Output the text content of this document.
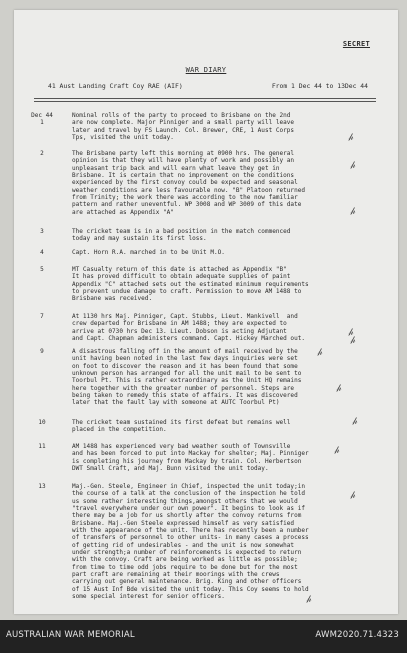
SECRET
WAR DIARY
41 Aust Landing Craft Coy RAE (AIF)	From 1 Dec 44 to 13Dec 44
Dec 44
1
Nominal rolls of the party to proceed to Brisbane on the 2nd
are now complete. Major Pinniger and a small party will leave
later and travel by FS Launch. Col. Brewer, CRE, 1 Aust Corps
Tps, visited the unit today.
2	The Brisbane party left this morning at 0900 hrs. The general
opinion is that they will have plenty of work and possibly an
unpleasant trip back and will earn what leave they get in
Brisbane. It is certain that no improvement on the conditions
experienced by the first convoy could be expected and seasonal
weather conditions are less favourable now. "B" Platoon returned
from Trinity; the work there was according to the now familiar
pattern and rather uneventful. WP 3008 and WP 3009 of this date
are attached as Appendix "A"
3	The cricket team is in a bad position in the match commenced
today and may sustain its first loss.
4	Capt. Horn R.A. marched in to be Unit M.O.
5	MT Casualty return of this date is attached as Appendix "B"
It has proved difficult to obtain adequate supplies of paint
Appendix "C" attached sets out the estimated minimum requirements
to prevent undue damage to craft. Permission to move AM 1488 to
Brisbane was received.
7	At 1130 hrs Maj. Pinniger, Capt. Stubbs, Lieut. Mankivell  and
crew departed for Brisbane in AM 1488; they are expected to
arrive at 0730 hrs Dec 13. Lieut. Dobson is acting Adjutant
and Capt. Chapman administers command. Capt. Hickey Marched out.
9	A disastrous falling off in the amount of mail received by the
unit having been noted in the last few days inquiries were set
on foot to discover the reason and it has been found that some
unknown person has arranged for all the unit mail to be sent to
Toorbul Pt. This is rather extraordinary as the Unit HQ remains
here together with the greater number of personnel. Steps are
being taken to remedy this state of affairs. It was discovered
later that the fault lay with someone at AUTC Toorbul Pt)
10	The cricket team sustained its first defeat but remains well
placed in the competition.
11	AM 1488 has experienced very bad weather south of Townsville
and has been forced to put into Mackay for shelter; Maj. Pinniger
is completing his journey from Mackay by train. Col. Herbertson
DWT Small Craft, and Maj. Bunn visited the unit today.
13	Maj.-Gen. Steele, Engineer in Chief, inspected the unit today;in
the course of a talk at the conclusion of the inspection he told
us some rather interesting things,amongst others that we would
"travel everywhere under our own power". It begins to look as if
there may be a job for us shortly after the convoy returns from
Brisbane. Maj.-Gen Steele expressed himself as very satisfied
with the appearance of the unit. There has recently been a number
of transfers of personnel to other units- in many cases a process
of getting rid of undesirables - and the unit is now somewhat
under strength;a number of reinforcements is expected to return
with the convoy. Craft are being worked as little as possible;
from time to time odd jobs require to be done but for the most
part craft are remaining at their moorings with the crews
carrying out general maintenance. Brig. King and other officers
of 15 Aust Inf Bde visited the unit today. This Coy seems to hold
some special interest for senior officers.
𝒽
𝒽
𝒽
𝒽
𝒽
𝒽
𝒽
𝒽
𝒽
𝒽
𝒽
AUSTRALIAN WAR MEMORIAL	AWM2020.71.4323
